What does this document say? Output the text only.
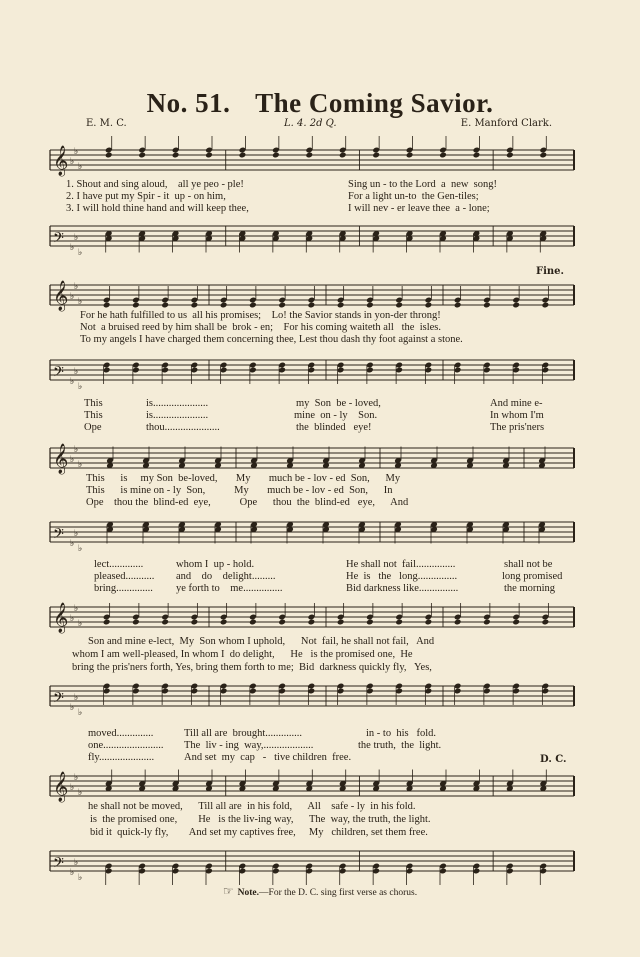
No. 51. The Coming Savior.
E. M. C.	L. 4. 2d Q.	E. Manford Clark.
𝄞 ♭
♭
♭
1. Shout and sing aloud,    all ye peo - ple!	Sing un - to the Lord  a  new  song!
2. I have put my Spir - it  up - on him,	For a light un-to  the Gen-tiles;
3. I will hold thine hand and will keep thee,	I will nev - er leave thee  a - lone;
𝄢 ♭
♭
♭
Fine.
𝄞 ♭
♭
♭
For he hath fulfilled to us  all his promises;    Lo! the Savior stands in yon-der throng!
Not  a bruised reed by him shall be  brok - en;    For his coming waiteth all   the  isles.
To my angels I have charged them concerning thee, Lest thou dash thy foot against a stone.
𝄢 ♭
♭
♭
This	is.....................	my  Son  be - loved,	And mine e-
This	is.....................	mine  on - ly    Son.	In whom I'm
Ope	thou.....................	the  blinded   eye!	The pris'ners
𝄞 ♭
♭
♭
This      is     my Son  be-loved,       My       much be - lov - ed  Son,      My
This      is mine on - ly  Son,           My       much be - lov - ed  Son,      In
Ope    thou the  blind-ed  eye,           Ope      thou  the  blind-ed   eye,      And
𝄢 ♭
♭
♭
lect.............	whom I  up - hold.	He shall not  fail...............	shall not be
pleased........... and    do    delight.........	He  is   the   long...............	long promised
bring.............. ye forth to    me...............	Bid darkness like...............	the morning
𝄞 ♭
♭
♭
Son and mine e-lect,  My  Son whom I uphold,      Not  fail, he shall not fail,   And
whom I am well-pleased, In whom I  do delight,      He   is the promised one,  He
bring the pris'ners forth, Yes, bring them forth to me;  Bid  darkness quickly fly,   Yes,
𝄢 ♭
♭
♭
moved..............	Till all are  brought..............	in - to  his   fold.
one....................... The  liv - ing  way,...................	the truth,  the  light.
fly.....................	And set  my  cap   -   tive children  free.	D. C.
𝄞 ♭
♭
♭
he shall not be moved,      Till all are  in his fold,      All    safe - ly  in his fold.
is  the promised one,        He   is the liv-ing way,      The  way, the truth, the light.
bid it  quick-ly fly,        And set my captives free,     My   children, set them free.
𝄢 ♭
♭
♭
☞ Note.—For the D. C. sing first verse as chorus.
